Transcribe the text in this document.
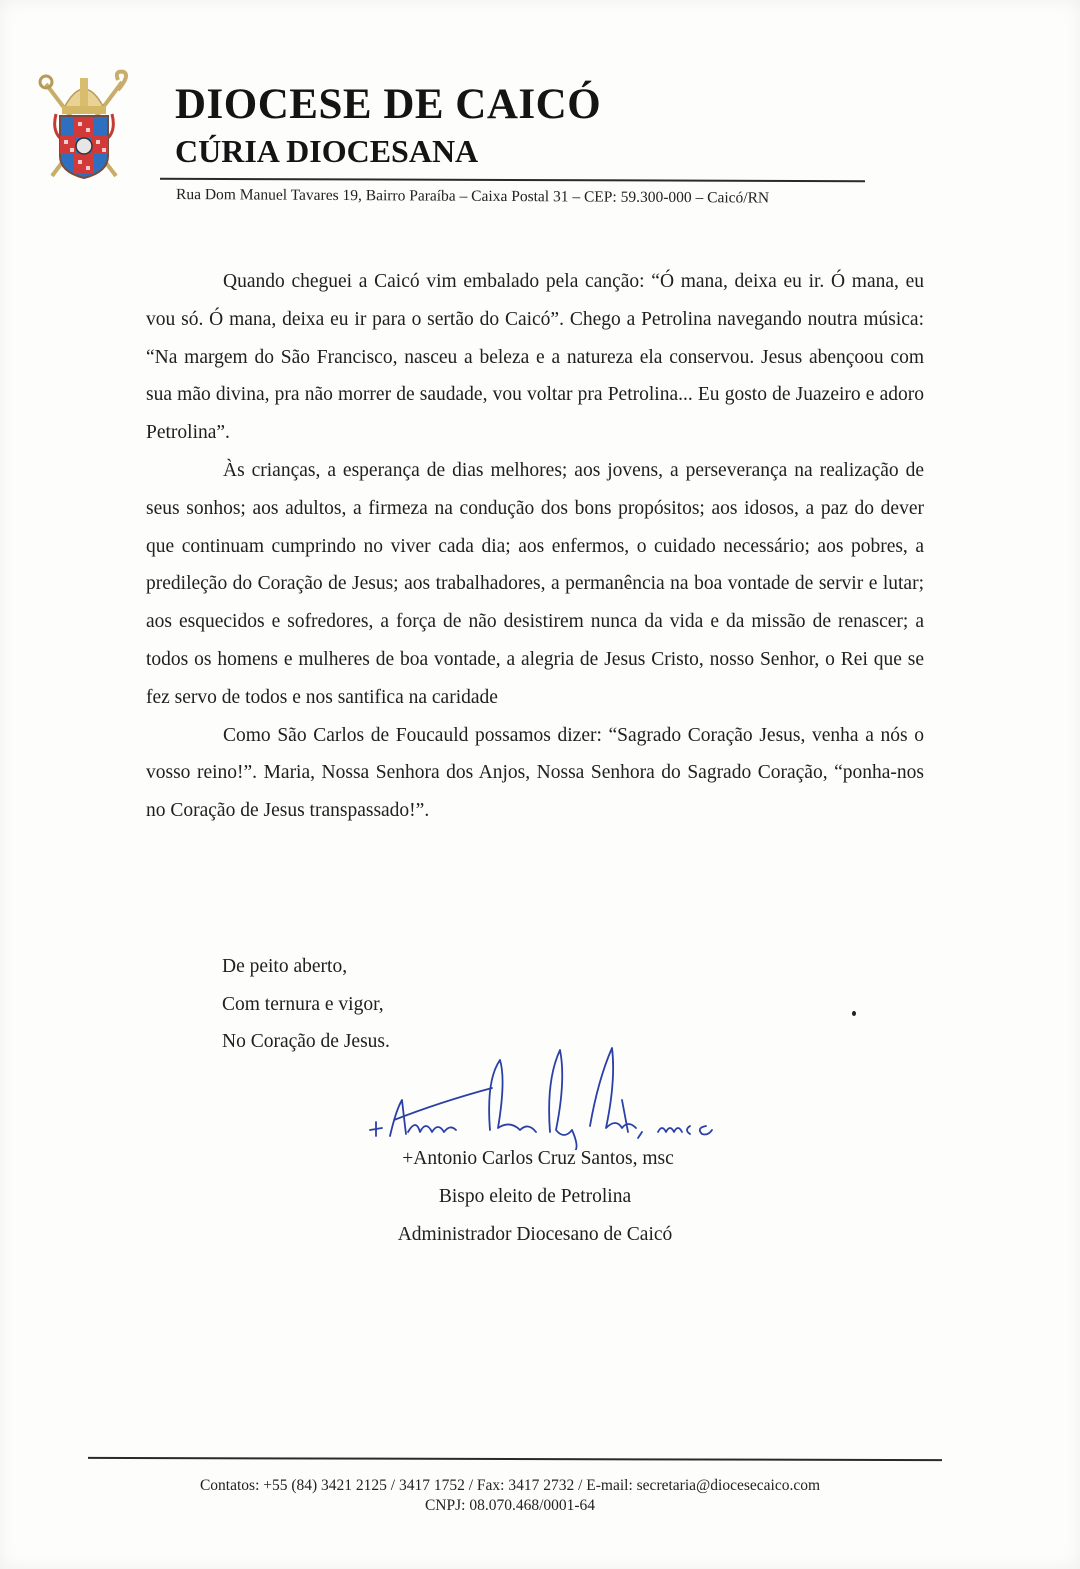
DIOCESE DE CAICÓ
CÚRIA DIOCESANA
Rua Dom Manuel Tavares 19, Bairro Paraíba – Caixa Postal 31 – CEP: 59.300-000 – Caicó/RN

Quando cheguei a Caicó vim embalado pela canção: “Ó mana, deixa eu ir. Ó mana, eu vou só. Ó mana, deixa eu ir para o sertão do Caicó”. Chego a Petrolina navegando noutra música: “Na margem do São Francisco, nasceu a beleza e a natureza ela conservou. Jesus abençoou com sua mão divina, pra não morrer de saudade, vou voltar pra Petrolina... Eu gosto de Juazeiro e adoro Petrolina”.

Às crianças, a esperança de dias melhores; aos jovens, a perseverança na realização de seus sonhos; aos adultos, a firmeza na condução dos bons propósitos; aos idosos, a paz do dever que continuam cumprindo no viver cada dia; aos enfermos, o cuidado necessário; aos pobres, a predileção do Coração de Jesus; aos trabalhadores, a permanência na boa vontade de servir e lutar; aos esquecidos e sofredores, a força de não desistirem nunca da vida e da missão de renascer; a todos os homens e mulheres de boa vontade, a alegria de Jesus Cristo, nosso Senhor, o Rei que se fez servo de todos e nos santifica na caridade

Como São Carlos de Foucauld possamos dizer: “Sagrado Coração Jesus, venha a nós o vosso reino!”. Maria, Nossa Senhora dos Anjos, Nossa Senhora do Sagrado Coração, “ponha-nos no Coração de Jesus transpassado!”.

De peito aberto,
Com ternura e vigor,
No Coração de Jesus.
+Antonio Carlos Cruz Santos, msc
Bispo eleito de Petrolina
Administrador Diocesano de Caicó
Contatos: +55 (84) 3421 2125 / 3417 1752 / Fax: 3417 2732 / E-mail: secretaria@diocesecaico.com
CNPJ: 08.070.468/0001-64
